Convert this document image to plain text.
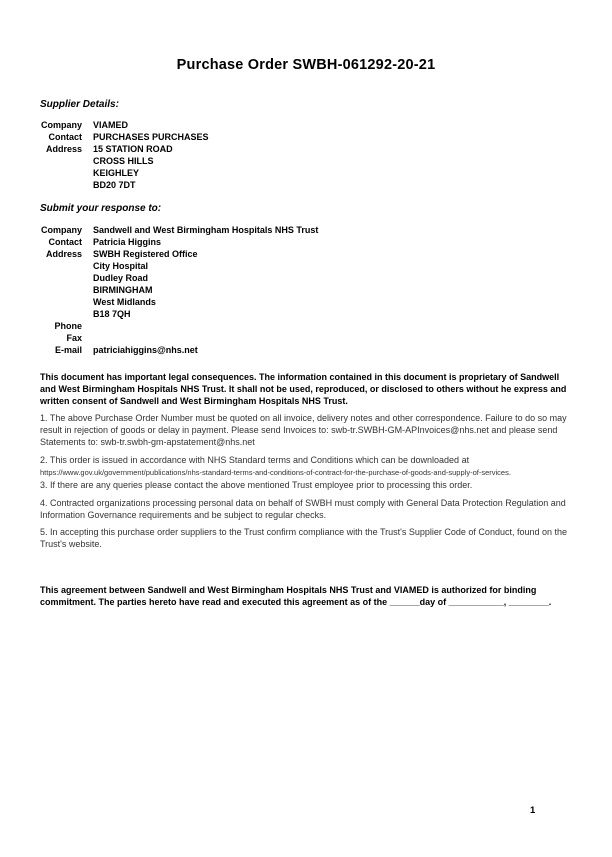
Purchase Order SWBH-061292-20-21
Supplier Details:
Company VIAMED
Contact PURCHASES PURCHASES
Address 15 STATION ROAD
CROSS HILLS
KEIGHLEY
BD20 7DT
Submit your response to:
Company Sandwell and West Birmingham Hospitals NHS Trust
Contact Patricia Higgins
Address SWBH Registered Office
City Hospital
Dudley Road
BIRMINGHAM
West Midlands
B18 7QH
Phone
Fax
E-mail patriciahiggins@nhs.net

This document has important legal consequences. The information contained in this document is proprietary of Sandwell and West Birmingham Hospitals NHS Trust. It shall not be used, reproduced, or disclosed to others without he express and written consent of Sandwell and West Birmingham Hospitals NHS Trust.

1. The above Purchase Order Number must be quoted on all invoice, delivery notes and other correspondence. Failure to do so may result in rejection of goods or delay in payment. Please send Invoices to: swb-tr.SWBH-GM-APInvoices@nhs.net and please send Statements to: swb-tr.swbh-gm-apstatement@nhs.net

2. This order is issued in accordance with NHS Standard terms and Conditions which can be downloaded at
https://www.gov.uk/government/publications/nhs-standard-terms-and-conditions-of-contract-for-the-purchase-of-goods-and-supply-of-services.

3. If there are any queries please contact the above mentioned Trust employee prior to processing this order.

4. Contracted organizations processing personal data on behalf of SWBH must comply with General Data Protection Regulation and Information Governance requirements and be subject to regular checks.

5. In accepting this purchase order suppliers to the Trust confirm compliance with the Trust's Supplier Code of Conduct, found on the Trust's website.

This agreement between Sandwell and West Birmingham Hospitals NHS Trust and VIAMED is authorized for binding commitment. The parties hereto have read and executed this agreement as of the ______day of ___________, ________.

1
